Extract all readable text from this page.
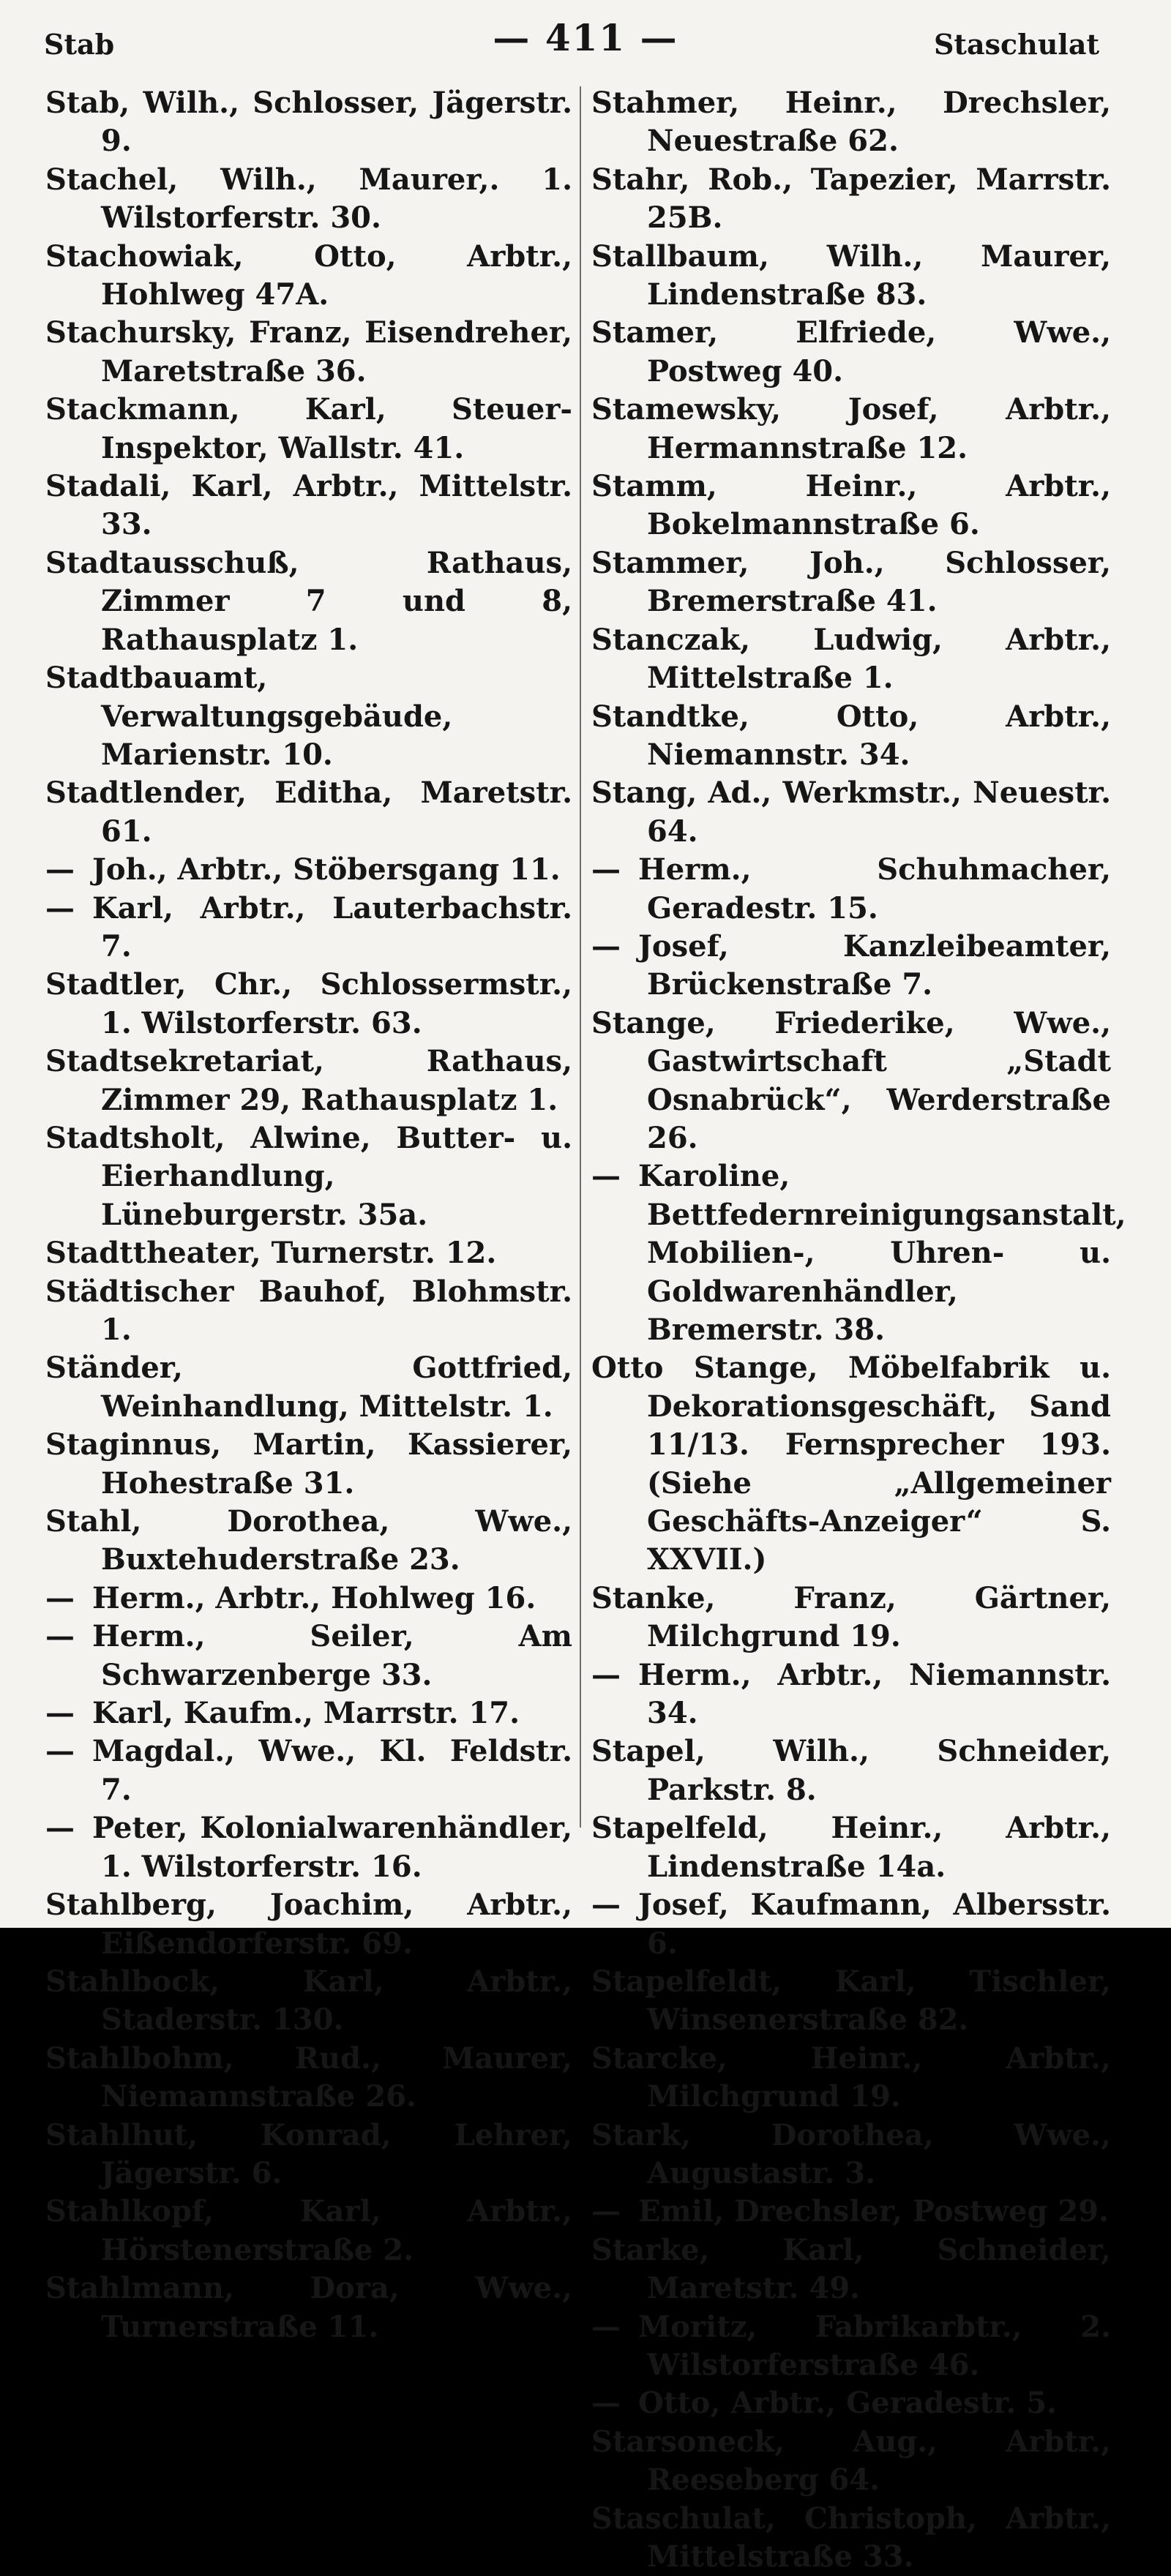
Stab	— 411 —	Staschulat

Stab, Wilh., Schlosser, Jägerstr. 9.

Stachel, Wilh., Maurer,. 1. Wilstorferstr. 30.

Stachowiak, Otto, Arbtr., Hohlweg 47A.

Stachursky, Franz, Eisendreher, Maretstraße 36.

Stackmann, Karl, Steuer-Inspektor, Wallstr. 41.

Stadali, Karl, Arbtr., Mittelstr. 33.

Stadtausschuß, Rathaus, Zimmer 7 und 8, Rathausplatz 1.

Stadtbauamt, Verwaltungsgebäude, Marienstr. 10.

Stadtlender, Editha, Maretstr. 61.

— Joh., Arbtr., Stöbersgang 11.

— Karl, Arbtr., Lauterbachstr. 7.

Stadtler, Chr., Schlossermstr., 1. Wilstorferstr. 63.

Stadtsekretariat, Rathaus, Zimmer 29, Rathausplatz 1.

Stadtsholt, Alwine, Butter- u. Eierhandlung, Lüneburgerstr. 35a.

Stadttheater, Turnerstr. 12.

Städtischer Bauhof, Blohmstr. 1.

Ständer, Gottfried, Weinhandlung, Mittelstr. 1.

Staginnus, Martin, Kassierer, Hohestraße 31.

Stahl, Dorothea, Wwe., Buxtehuderstraße 23.

— Herm., Arbtr., Hohlweg 16.

— Herm., Seiler, Am Schwarzenberge 33.

— Karl, Kaufm., Marrstr. 17.

— Magdal., Wwe., Kl. Feldstr. 7.

— Peter, Kolonialwarenhändler, 1. Wilstorferstr. 16.

Stahlberg, Joachim, Arbtr., Eißendorferstr. 69.

Stahlbock, Karl, Arbtr., Staderstr. 130.

Stahlbohm, Rud., Maurer, Niemannstraße 26.

Stahlhut, Konrad, Lehrer, Jägerstr. 6.

Stahlkopf, Karl, Arbtr., Hörstenerstraße 2.

Stahlmann, Dora, Wwe., Turnerstraße 11.

Stahmer, Heinr., Drechsler, Neuestraße 62.

Stahr, Rob., Tapezier, Marrstr. 25B.

Stallbaum, Wilh., Maurer, Lindenstraße 83.

Stamer, Elfriede, Wwe., Postweg 40.

Stamewsky, Josef, Arbtr., Hermannstraße 12.

Stamm, Heinr., Arbtr., Bokelmannstraße 6.

Stammer, Joh., Schlosser, Bremerstraße 41.

Stanczak, Ludwig, Arbtr., Mittelstraße 1.

Standtke, Otto, Arbtr., Niemannstr. 34.

Stang, Ad., Werkmstr., Neuestr. 64.

— Herm., Schuhmacher, Geradestr. 15.

— Josef, Kanzleibeamter, Brückenstraße 7.

Stange, Friederike, Wwe., Gastwirtschaft „Stadt Osnabrück“, Werderstraße 26.

— Karoline, Bettfedernreinigungsanstalt, Mobilien-, Uhren- u. Goldwarenhändler, Bremerstr. 38.

Otto Stange, Möbelfabrik u. Dekorationsgeschäft, Sand 11/13. Fernsprecher 193. (Siehe „Allgemeiner Geschäfts-Anzeiger“ S. XXVII.)

Stanke, Franz, Gärtner, Milchgrund 19.

— Herm., Arbtr., Niemannstr. 34.

Stapel, Wilh., Schneider, Parkstr. 8.

Stapelfeld, Heinr., Arbtr., Lindenstraße 14a.

— Josef, Kaufmann, Albersstr. 6.

Stapelfeldt, Karl, Tischler, Winsenerstraße 82.

Starcke, Heinr., Arbtr., Milchgrund 19.

Stark, Dorothea, Wwe., Augustastr. 3.

— Emil, Drechsler, Postweg 29.

Starke, Karl, Schneider, Maretstr. 49.

— Moritz, Fabrikarbtr., 2. Wilstorferstraße 46.

— Otto, Arbtr., Geradestr. 5.

Starsoneck, Aug., Arbtr., Reeseberg 64.

Staschulat, Christoph, Arbtr., Mittelstraße 33.
